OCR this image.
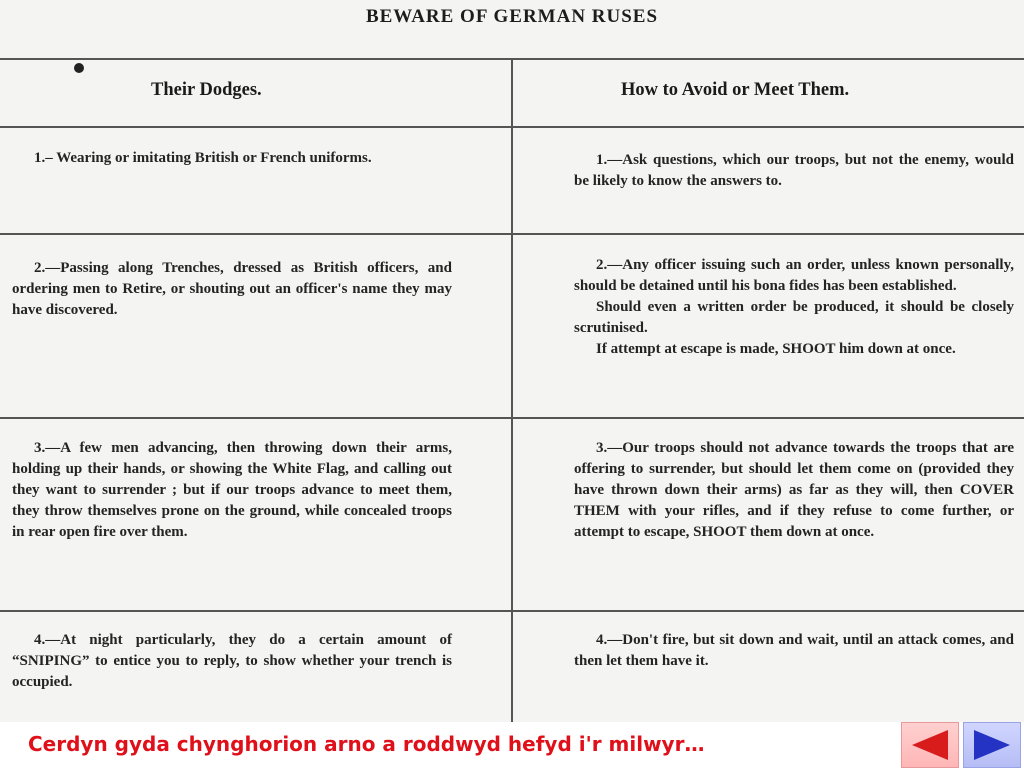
BEWARE OF GERMAN RUSES
Their Dodges.	How to Avoid or Meet Them.

1.– Wearing or imitating British or French uniforms.	1.—Ask questions, which our troops, but not the enemy, would be likely to know the answers to.

2.—Passing along Trenches, dressed as British officers, and ordering men to Retire, or shouting out an officer's name they may have discovered.

2.—Any officer issuing such an order, unless known personally, should be detained until his bona fides has been established.

Should even a written order be produced, it should be closely scrutinised.

If attempt at escape is made, SHOOT him down at once.

3.—A few men advancing, then throwing down their arms, holding up their hands, or showing the White Flag, and calling out they want to surrender ; but if our troops advance to meet them, they throw themselves prone on the ground, while concealed troops in rear open fire over them.

3.—Our troops should not advance towards the troops that are offering to surrender, but should let them come on (provided they have thrown down their arms) as far as they will, then COVER THEM with your rifles, and if they refuse to come further, or attempt to escape, SHOOT them down at once.

4.—At night particularly, they do a certain amount of “SNIPING” to entice you to reply, to show whether your trench is occupied.

4.—Don't fire, but sit down and wait, until an attack comes, and then let them have it.

Cerdyn gyda chynghorion arno a roddwyd hefyd i'r milwyr…
